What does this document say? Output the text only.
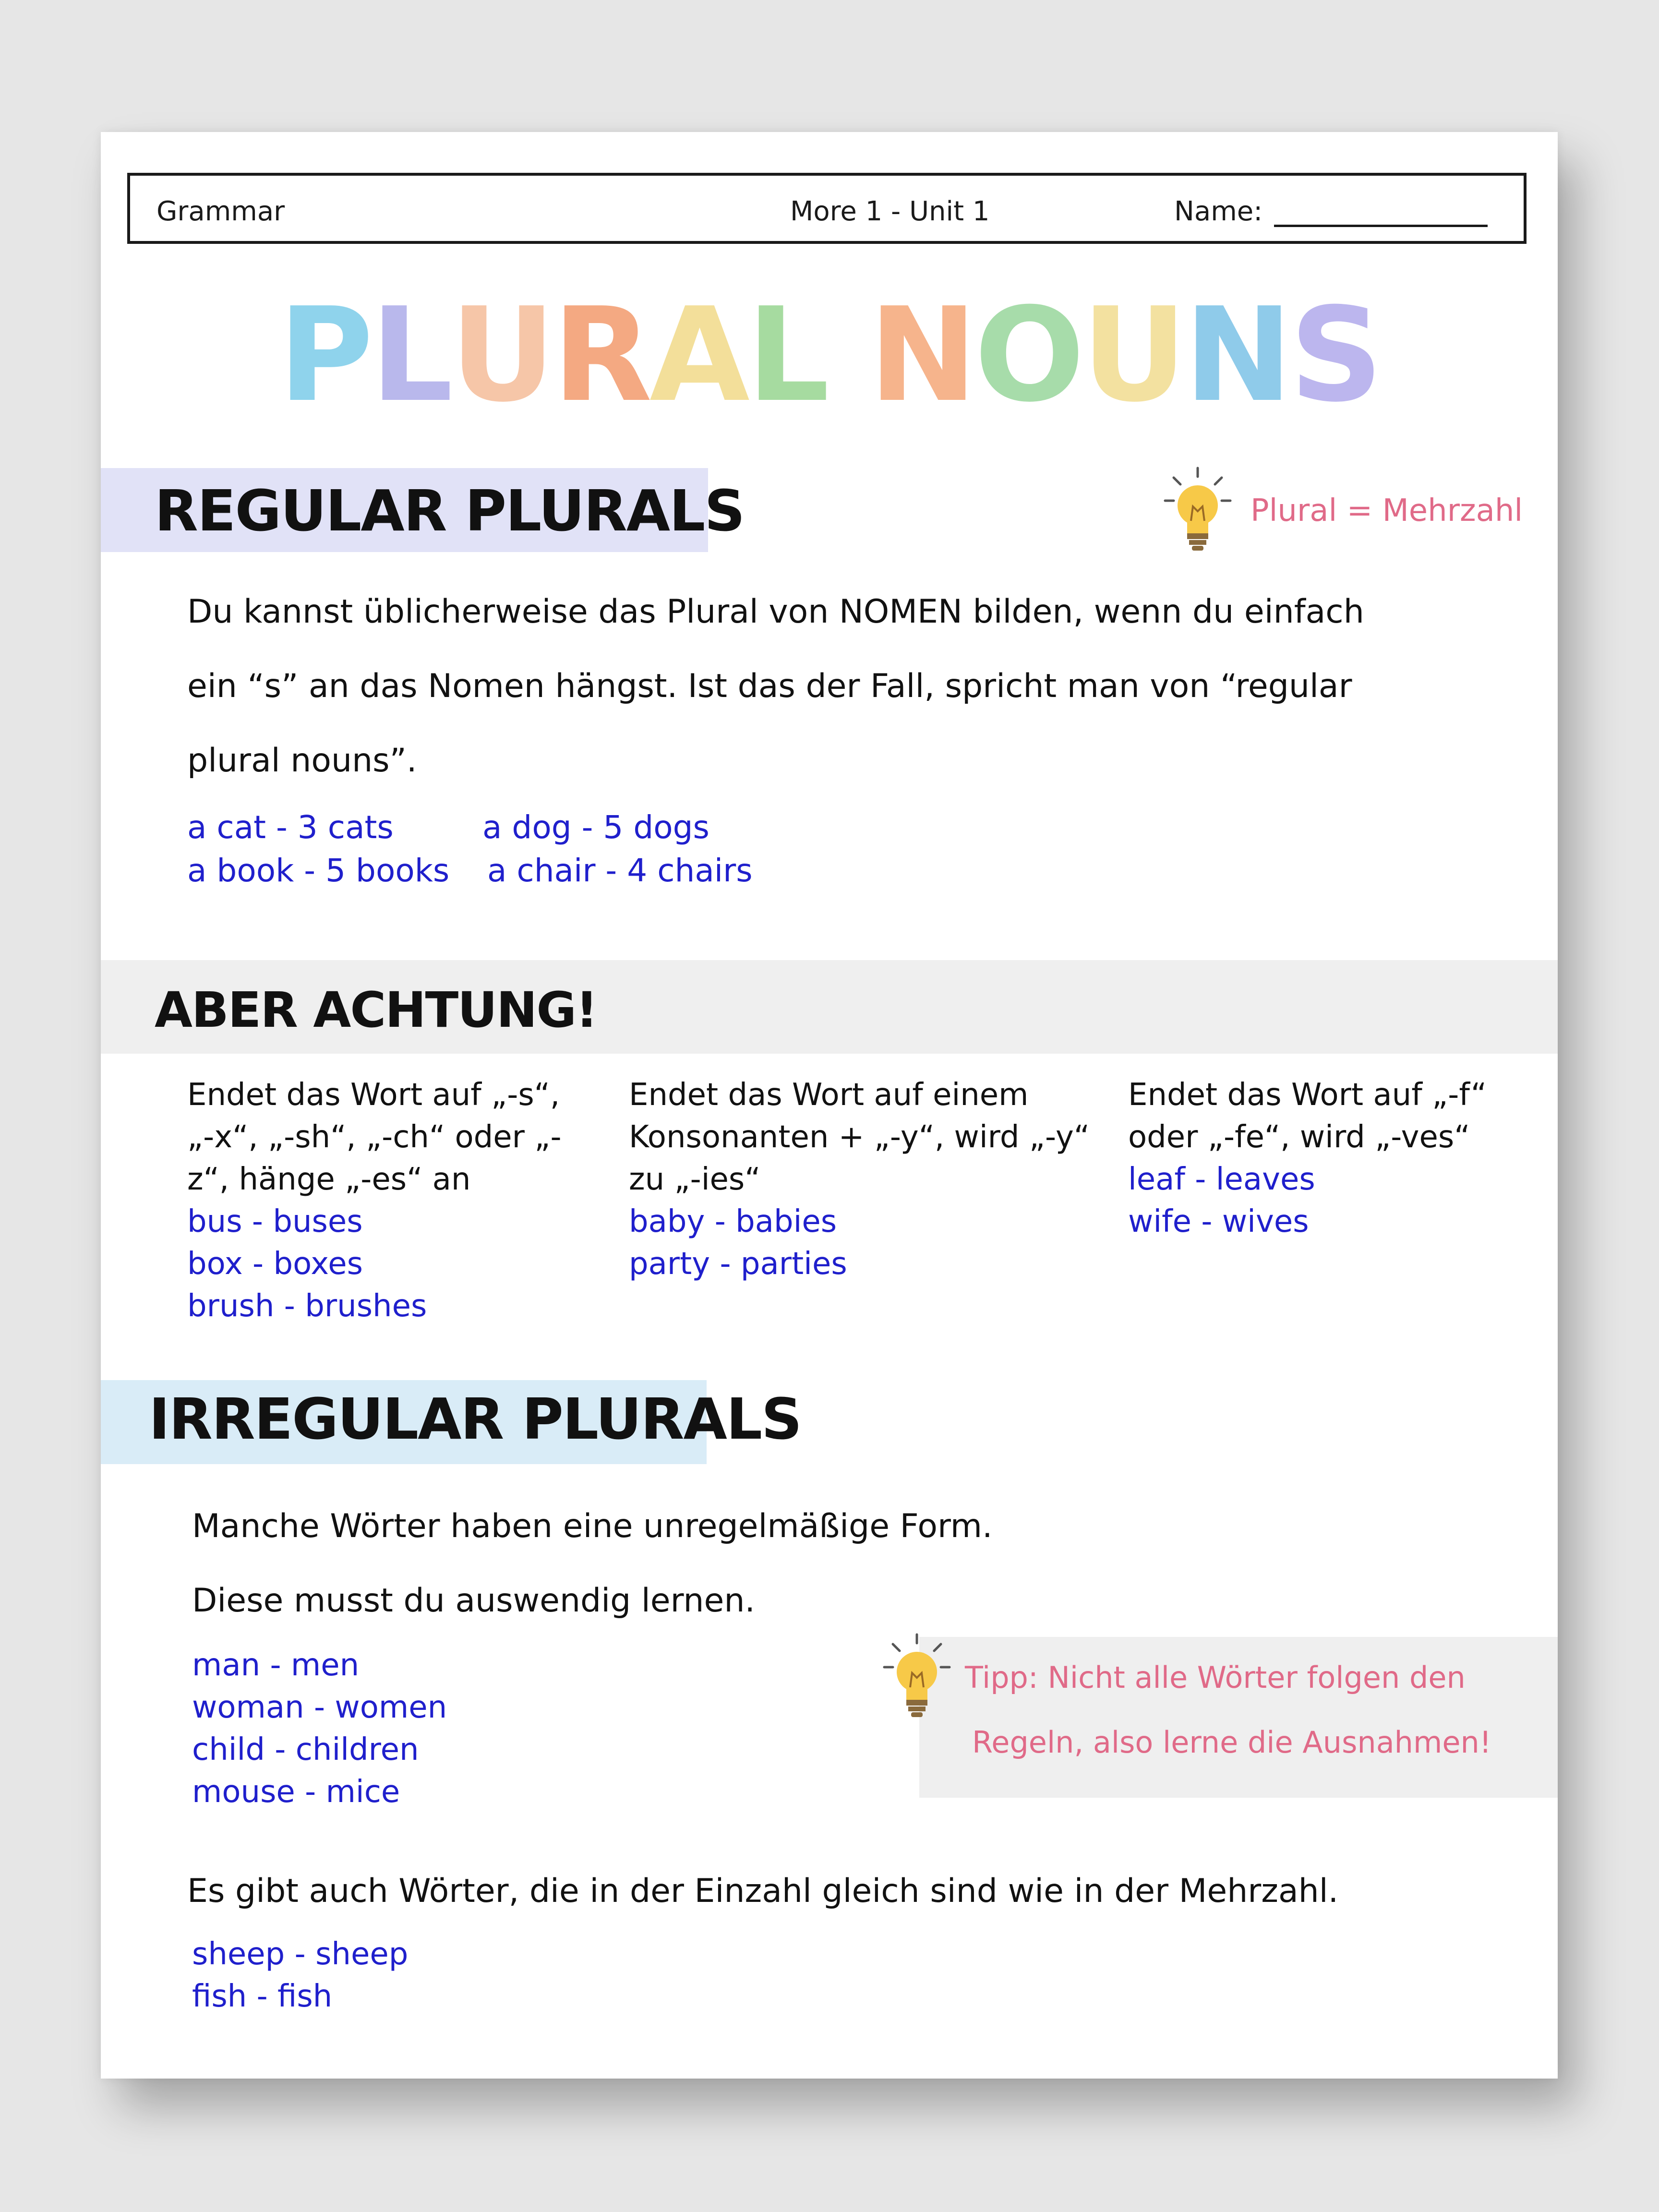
Grammar	More 1 - Unit 1	Name:
PLURAL NOUNS
REGULAR PLURALS	Plural = Mehrzahl
Du kannst üblicherweise das Plural von NOMEN bilden, wenn du einfach
ein “s” an das Nomen hängst. Ist das der Fall, spricht man von “regular
plural nouns”.
a cat - 3 cats	a dog - 5 dogs
a book - 5 books a chair - 4 chairs
ABER ACHTUNG!
Endet das Wort auf „-s“,
„-x“, „-sh“, „-ch“ oder „-
z“, hänge „-es“ an
bus - buses
box - boxes
brush - brushes
Endet das Wort auf einem
Konsonanten + „-y“, wird „-y“
zu „-ies“
baby - babies
party - parties
Endet das Wort auf „-f“
oder „-fe“, wird „-ves“
leaf - leaves
wife - wives
IRREGULAR PLURALS
Manche Wörter haben eine unregelmäßige Form.
Diese musst du auswendig lernen.
man - men
woman - women
child - children
mouse - mice
Tipp: Nicht alle Wörter folgen den
Regeln, also lerne die Ausnahmen!
Es gibt auch Wörter, die in der Einzahl gleich sind wie in der Mehrzahl.
sheep - sheep
fish - fish
